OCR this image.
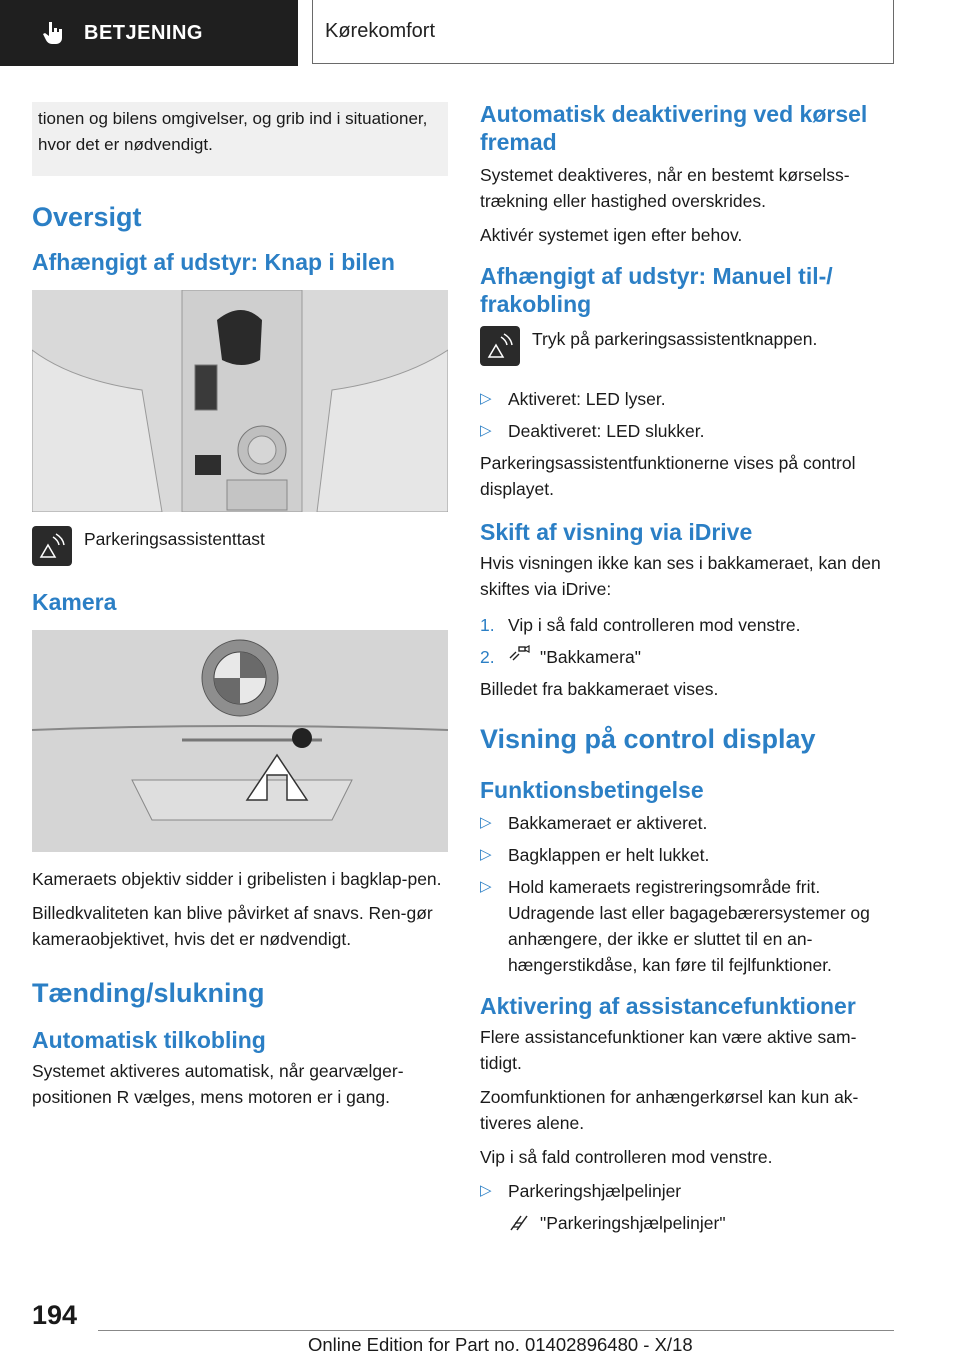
BETJENING	Kørekomfort
tionen og bilens omgivelser, og grib ind i situationer, hvor det er nødvendigt.
Oversigt
Afhængigt af udstyr: Knap i bilen
Parkeringsassistenttast
Kamera

Kameraets objektiv sidder i gribelisten i bagklap-pen.

Billedkvaliteten kan blive påvirket af snavs. Ren-gør kameraobjektivet, hvis det er nødvendigt.

Tænding/slukning
Automatisk tilkobling

Systemet aktiveres automatisk, når gearvælger-positionen R vælges, mens motoren er i gang.

Automatisk deaktivering ved kørsel fremad

Systemet deaktiveres, når en bestemt kørselss-trækning eller hastighed overskrides.

Aktivér systemet igen efter behov.

Afhængigt af udstyr: Manuel til-/ frakobling
Tryk på parkeringsassistentknappen.
▷ Aktiveret: LED lyser.
▷ Deaktiveret: LED slukker.

Parkeringsassistentfunktionerne vises på control displayet.

Skift af visning via iDrive

Hvis visningen ikke kan ses i bakkameraet, kan den skiftes via iDrive:

1. Vip i så fald controlleren mod venstre.
2.	"Bakkamera"

Billedet fra bakkameraet vises.

Visning på control display
Funktionsbetingelse
▷ Bakkameraet er aktiveret.
▷ Bagklappen er helt lukket.
▷ Hold kameraets registreringsområde frit. Udragende last eller bagagebærersystemer og anhængere, der ikke er sluttet til en an-hængerstikdåse, kan føre til fejlfunktioner.
Aktivering af assistancefunktioner

Flere assistancefunktioner kan være aktive sam-tidigt.

Zoomfunktionen for anhængerkørsel kan kun ak-tiveres alene.

Vip i så fald controlleren mod venstre.

▷ Parkeringshjælpelinjer
"Parkeringshjælpelinjer"
194
Online Edition for Part no. 01402896480 - X/18
